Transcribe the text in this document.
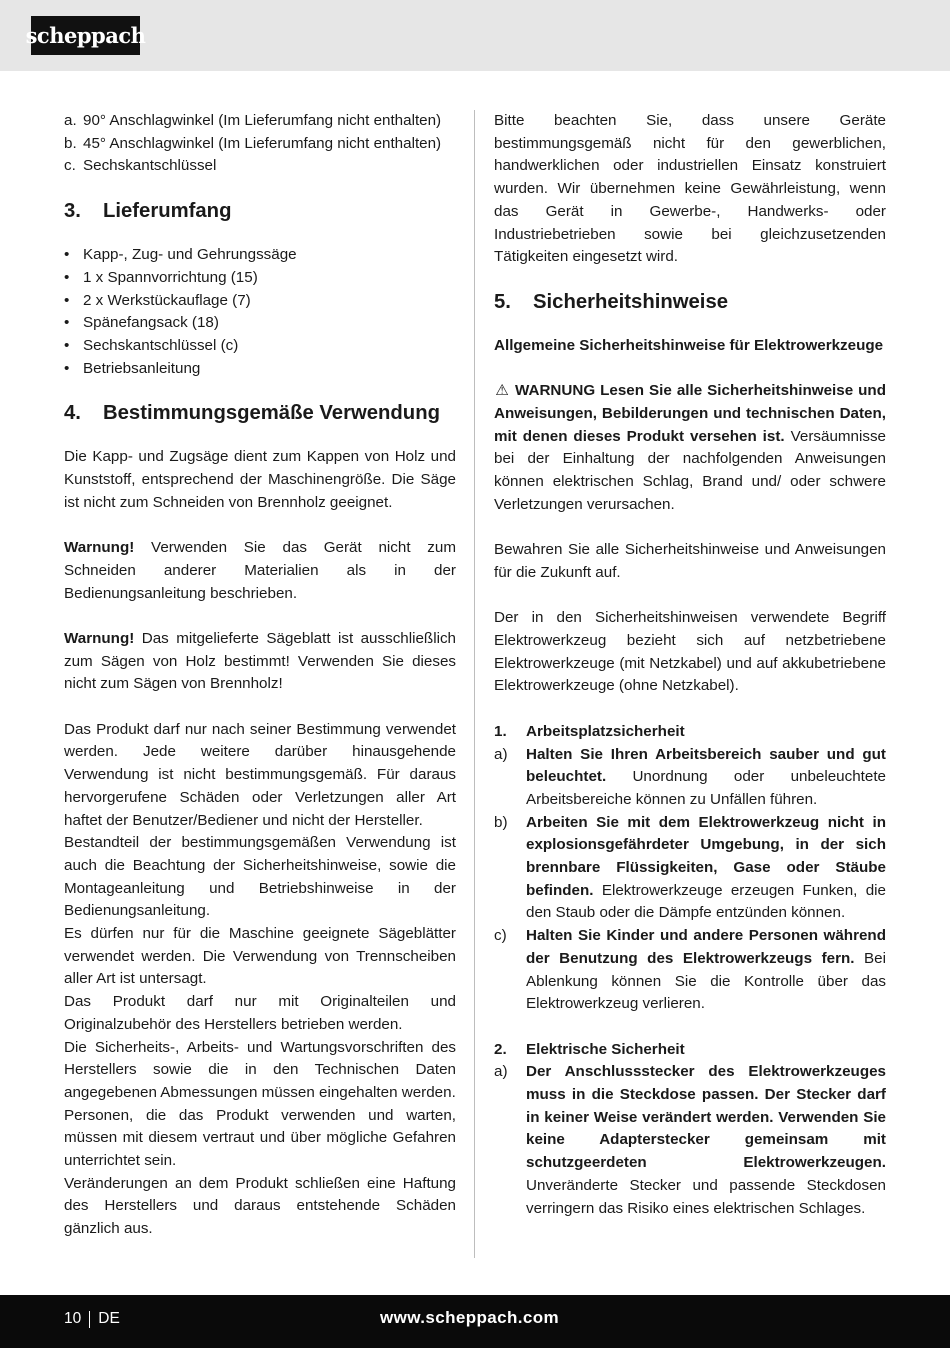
scheppach
a. 90° Anschlagwinkel (Im Lieferumfang nicht enthalten)
b. 45° Anschlagwinkel (Im Lieferumfang nicht enthalten)
c. Sechskantschlüssel
3.	Lieferumfang
• Kapp-, Zug- und Gehrungssäge
• 1 x Spannvorrichtung (15)
• 2 x Werkstückauflage (7)
• Spänefangsack (18)
• Sechskantschlüssel (c)
• Betriebsanleitung
4.	Bestimmungsgemäße Verwendung

Die Kapp- und Zugsäge dient zum Kappen von Holz und Kunststoff, entsprechend der Maschinengröße. Die Säge ist nicht zum Schneiden von Brennholz geeignet.

Warnung! Verwenden Sie das Gerät nicht zum Schneiden anderer Materialien als in der Bedienungsanleitung beschrieben.

Warnung! Das mitgelieferte Sägeblatt ist ausschließlich zum Sägen von Holz bestimmt! Verwenden Sie dieses nicht zum Sägen von Brennholz!

Das Produkt darf nur nach seiner Bestimmung verwendet werden. Jede weitere darüber hinausgehende Verwendung ist nicht bestimmungsgemäß. Für daraus hervorgerufene Schäden oder Verletzungen aller Art haftet der Benutzer/Bediener und nicht der Hersteller.

Bestandteil der bestimmungsgemäßen Verwendung ist auch die Beachtung der Sicherheitshinweise, sowie die Montageanleitung und Betriebshinweise in der Bedienungsanleitung.

Es dürfen nur für die Maschine geeignete Sägeblätter verwendet werden. Die Verwendung von Trennscheiben aller Art ist untersagt.

Das Produkt darf nur mit Originalteilen und Originalzubehör des Herstellers betrieben werden.

Die Sicherheits-, Arbeits- und Wartungsvorschriften des Herstellers sowie die in den Technischen Daten angegebenen Abmessungen müssen eingehalten werden.

Personen, die das Produkt verwenden und warten, müssen mit diesem vertraut und über mögliche Gefahren unterrichtet sein.

Veränderungen an dem Produkt schließen eine Haftung des Herstellers und daraus entstehende Schäden gänzlich aus.

Bitte beachten Sie, dass unsere Geräte bestimmungsgemäß nicht für den gewerblichen, handwerklichen oder industriellen Einsatz konstruiert wurden. Wir übernehmen keine Gewährleistung, wenn das Gerät in Gewerbe-, Handwerks- oder Industriebetrieben sowie bei gleichzusetzenden Tätigkeiten eingesetzt wird.

5.	Sicherheitshinweise

Allgemeine Sicherheitshinweise für Elektrowerkzeuge

⚠ WARNUNG Lesen Sie alle Sicherheitshinweise und Anweisungen, Bebilderungen und technischen Daten, mit denen dieses Produkt versehen ist. Versäumnisse bei der Einhaltung der nachfolgenden Anweisungen können elektrischen Schlag, Brand und/ oder schwere Verletzungen verursachen.

Bewahren Sie alle Sicherheitshinweise und Anweisungen für die Zukunft auf.

Der in den Sicherheitshinweisen verwendete Begriff Elektrowerkzeug bezieht sich auf netzbetriebene Elektrowerkzeuge (mit Netzkabel) und auf akkubetriebene Elektrowerkzeuge (ohne Netzkabel).

1.	Arbeitsplatzsicherheit
a)	Halten Sie Ihren Arbeitsbereich sauber und gut beleuchtet. Unordnung oder unbeleuchtete Arbeitsbereiche können zu Unfällen führen.
b)	Arbeiten Sie mit dem Elektrowerkzeug nicht in explosionsgefährdeter Umgebung, in der sich brennbare Flüssigkeiten, Gase oder Stäube befinden. Elektrowerkzeuge erzeugen Funken, die den Staub oder die Dämpfe entzünden können.
c)	Halten Sie Kinder und andere Personen während der Benutzung des Elektrowerkzeugs fern. Bei Ablenkung können Sie die Kontrolle über das Elektrowerkzeug verlieren.
2.	Elektrische Sicherheit
a)	Der Anschlussstecker des Elektrowerkzeuges muss in die Steckdose passen. Der Stecker darf in keiner Weise verändert werden. Verwenden Sie keine Adapterstecker gemeinsam mit schutzgeerdeten Elektrowerkzeugen. Unveränderte Stecker und passende Steckdosen verringern das Risiko eines elektrischen Schlages.
10 DE	www.scheppach.com
